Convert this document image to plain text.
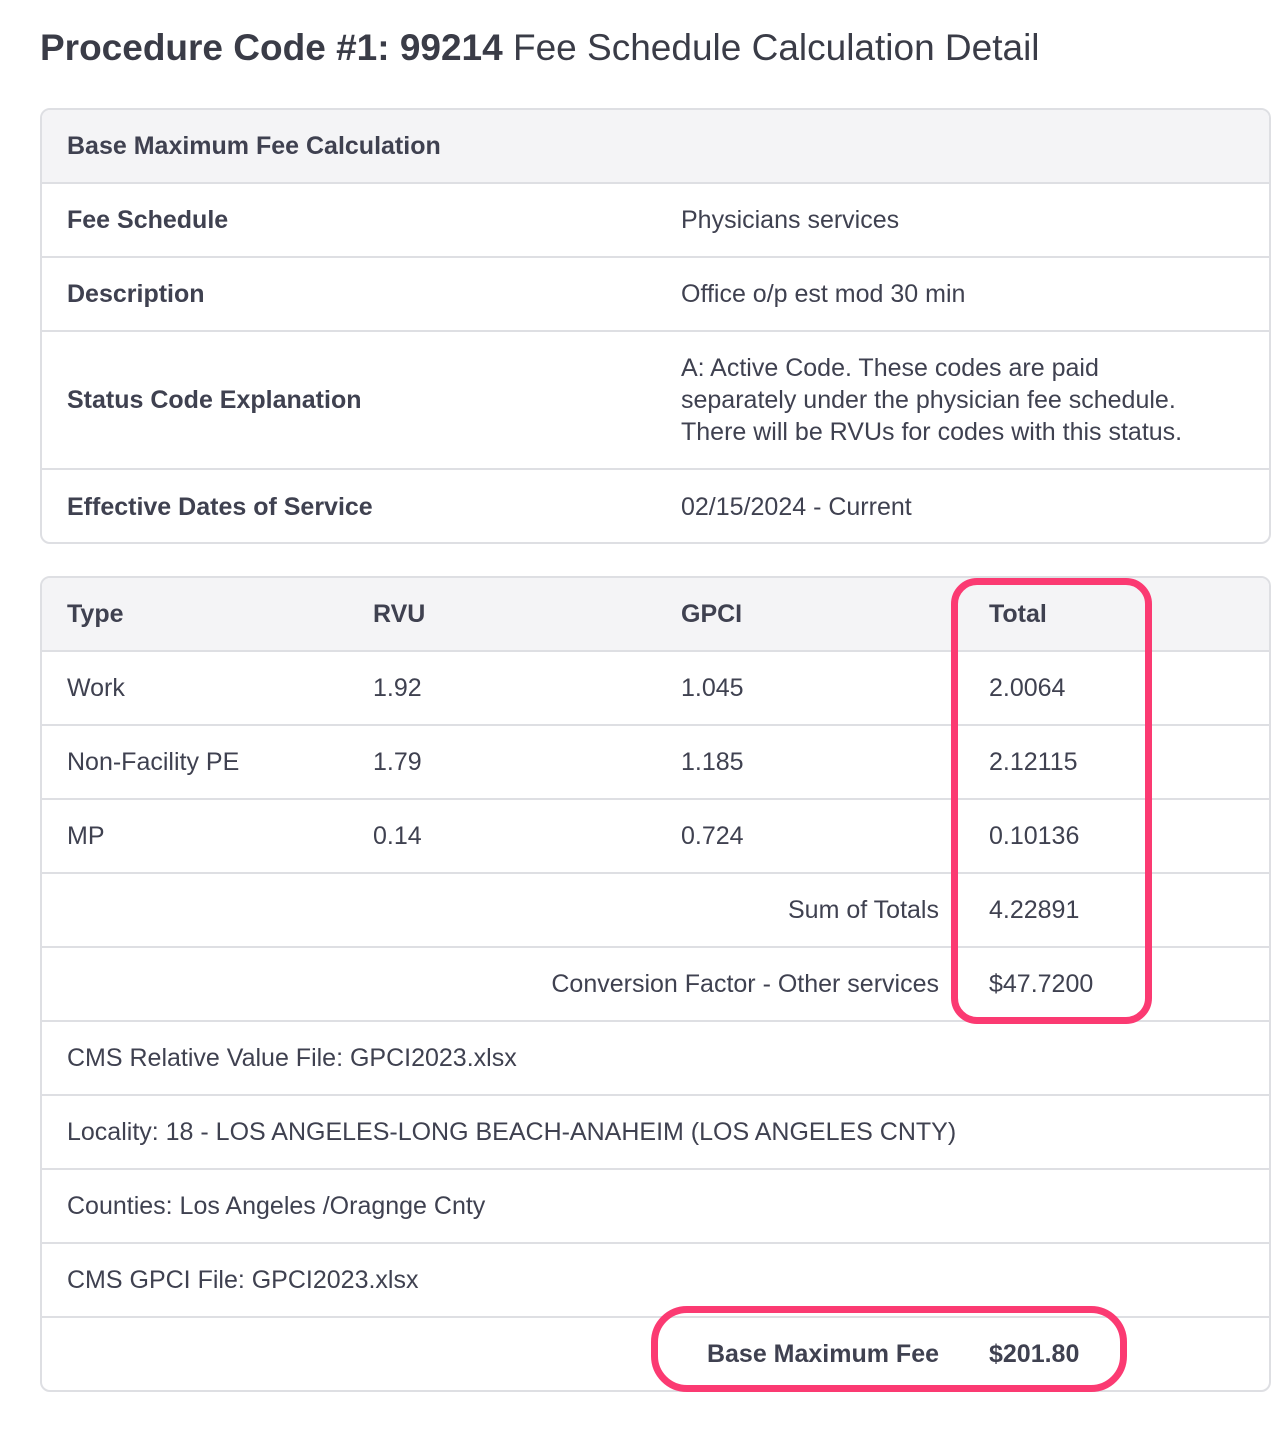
Procedure Code #1: 99214 Fee Schedule Calculation Detail
Base Maximum Fee Calculation
Fee Schedule	Physicians services
Description	Office o/p est mod 30 min
Status Code Explanation
A: Active Code. These codes are paid
separately under the physician fee schedule.
There will be RVUs for codes with this status.
Effective Dates of Service	02/15/2024 - Current
Type	RVU	GPCI	Total
Work	1.92	1.045	2.0064
Non-Facility PE	1.79	1.185	2.12115
MP	0.14	0.724	0.10136
Sum of Totals 4.22891
Conversion Factor - Other services $47.7200
CMS Relative Value File: GPCI2023.xlsx
Locality: 18 - LOS ANGELES-LONG BEACH-ANAHEIM (LOS ANGELES CNTY)
Counties: Los Angeles /Oragnge Cnty
CMS GPCI File: GPCI2023.xlsx
Base Maximum Fee $201.80
